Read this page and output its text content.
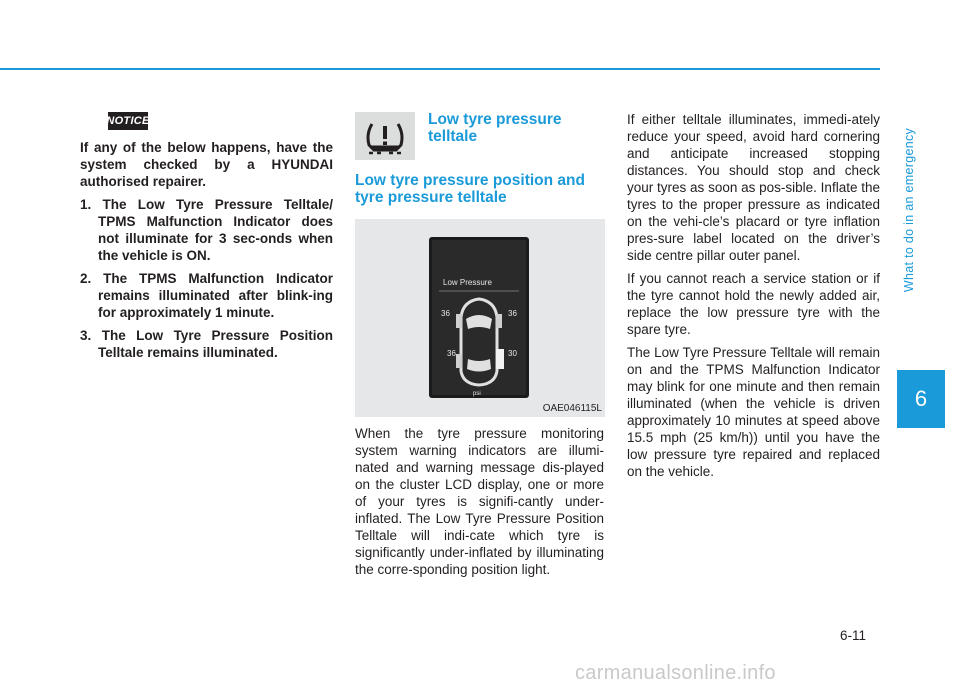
What to do in an emergency
6
NOTICE

If any of the below happens, have the system checked by a HYUNDAI authorised repairer.

1. The Low Tyre Pressure Telltale/ TPMS Malfunction Indicator does not illuminate for 3 sec-onds when the vehicle is ON.

2. The TPMS Malfunction Indicator remains illuminated after blink-ing for approximately 1 minute.

3. The Low Tyre Pressure Position Telltale remains illuminated.

Low tyre pressure telltale
Low tyre pressure position and tyre pressure telltale
Low Pressure
36	36
36	30
psi
OAE046115L

When the tyre pressure monitoring system warning indicators are illumi-nated and warning message dis-played on the cluster LCD display, one or more of your tyres is signifi-cantly under-inflated. The Low Tyre Pressure Position Telltale will indi-cate which tyre is significantly under-inflated by illuminating the corre-sponding position light.

If either telltale illuminates, immedi-ately reduce your speed, avoid hard cornering and anticipate increased stopping distances. You should stop and check your tyres as soon as pos-sible. Inflate the tyres to the proper pressure as indicated on the vehi-cle’s placard or tyre inflation pres-sure label located on the driver’s side centre pillar outer panel.

If you cannot reach a service station or if the tyre cannot hold the newly added air, replace the low pressure tyre with the spare tyre.

The Low Tyre Pressure Telltale will remain on and the TPMS Malfunction Indicator may blink for one minute and then remain illuminated (when the vehicle is driven approximately 10 minutes at speed above 15.5 mph (25 km/h)) until you have the low pressure tyre repaired and replaced on the vehicle.

6-11
carmanualsonline.info
